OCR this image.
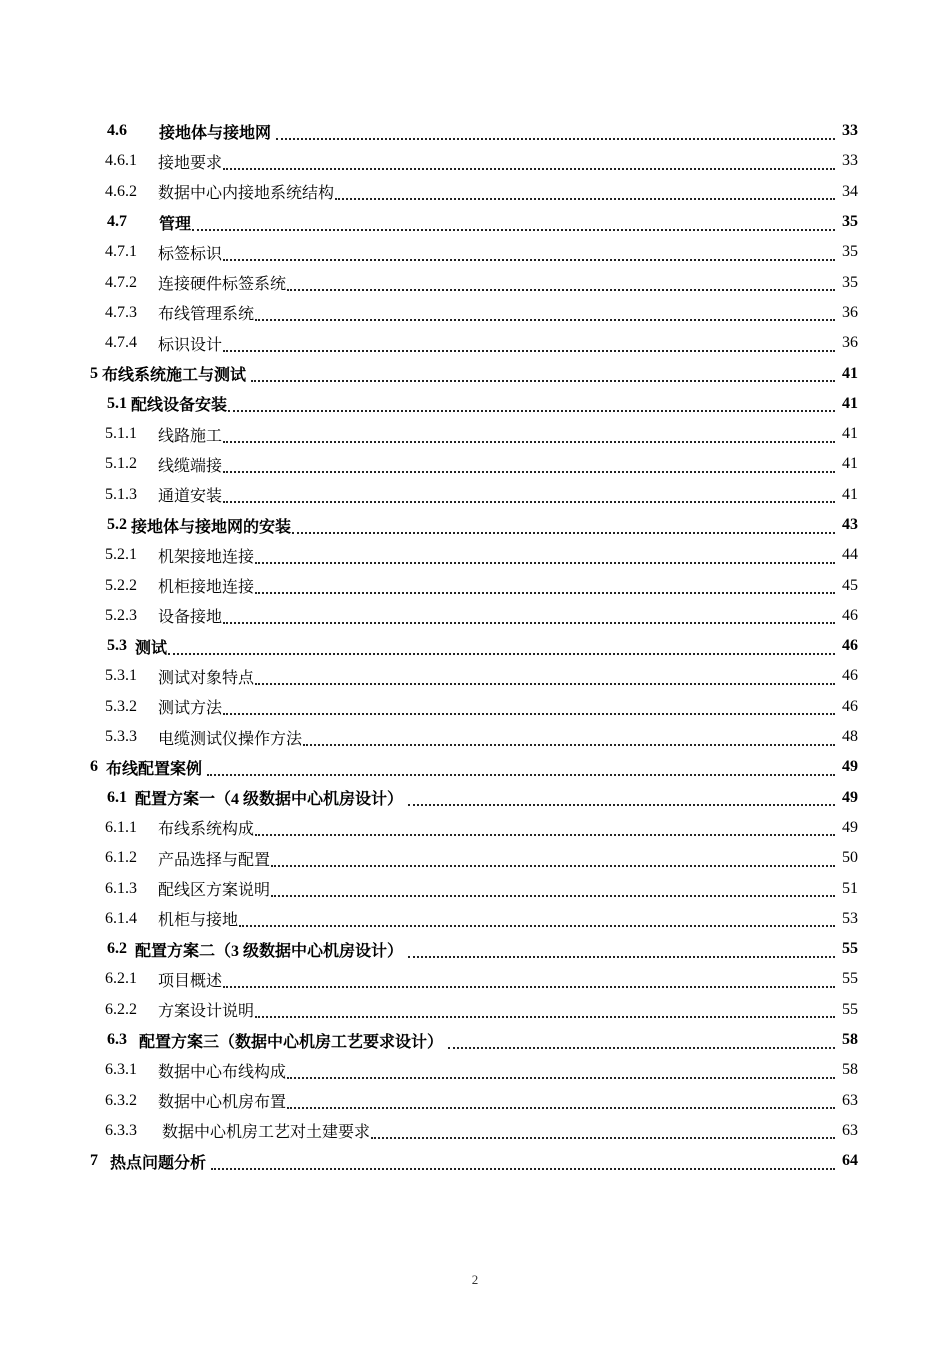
4.6	接地体与接地网	33
4.6.1	接地要求	33
4.6.2	数据中心内接地系统结构	34
4.7	管理	35
4.7.1	标签标识	35
4.7.2	连接硬件标签系统	35
4.7.3	布线管理系统	36
4.7.4	标识设计	36
5 布线系统施工与测试	41
5.1 配线设备安装	41
5.1.1	线路施工	41
5.1.2	线缆端接	41
5.1.3	通道安装	41
5.2 接地体与接地网的安装	43
5.2.1	机架接地连接	44
5.2.2	机柜接地连接	45
5.2.3	设备接地	46
5.3 测试	46
5.3.1	测试对象特点	46
5.3.2	测试方法	46
5.3.3	电缆测试仪操作方法	48
6 布线配置案例	49
6.1 配置方案一（4 级数据中心机房设计）	49
6.1.1	布线系统构成	49
6.1.2	产品选择与配置	50
6.1.3	配线区方案说明	51
6.1.4	机柜与接地	53
6.2 配置方案二（3 级数据中心机房设计）	55
6.2.1	项目概述	55
6.2.2	方案设计说明	55
6.3 配置方案三（数据中心机房工艺要求设计）	58
6.3.1	数据中心布线构成	58
6.3.2	数据中心机房布置	63
6.3.3	数据中心机房工艺对土建要求	63
7 热点问题分析	64
2
